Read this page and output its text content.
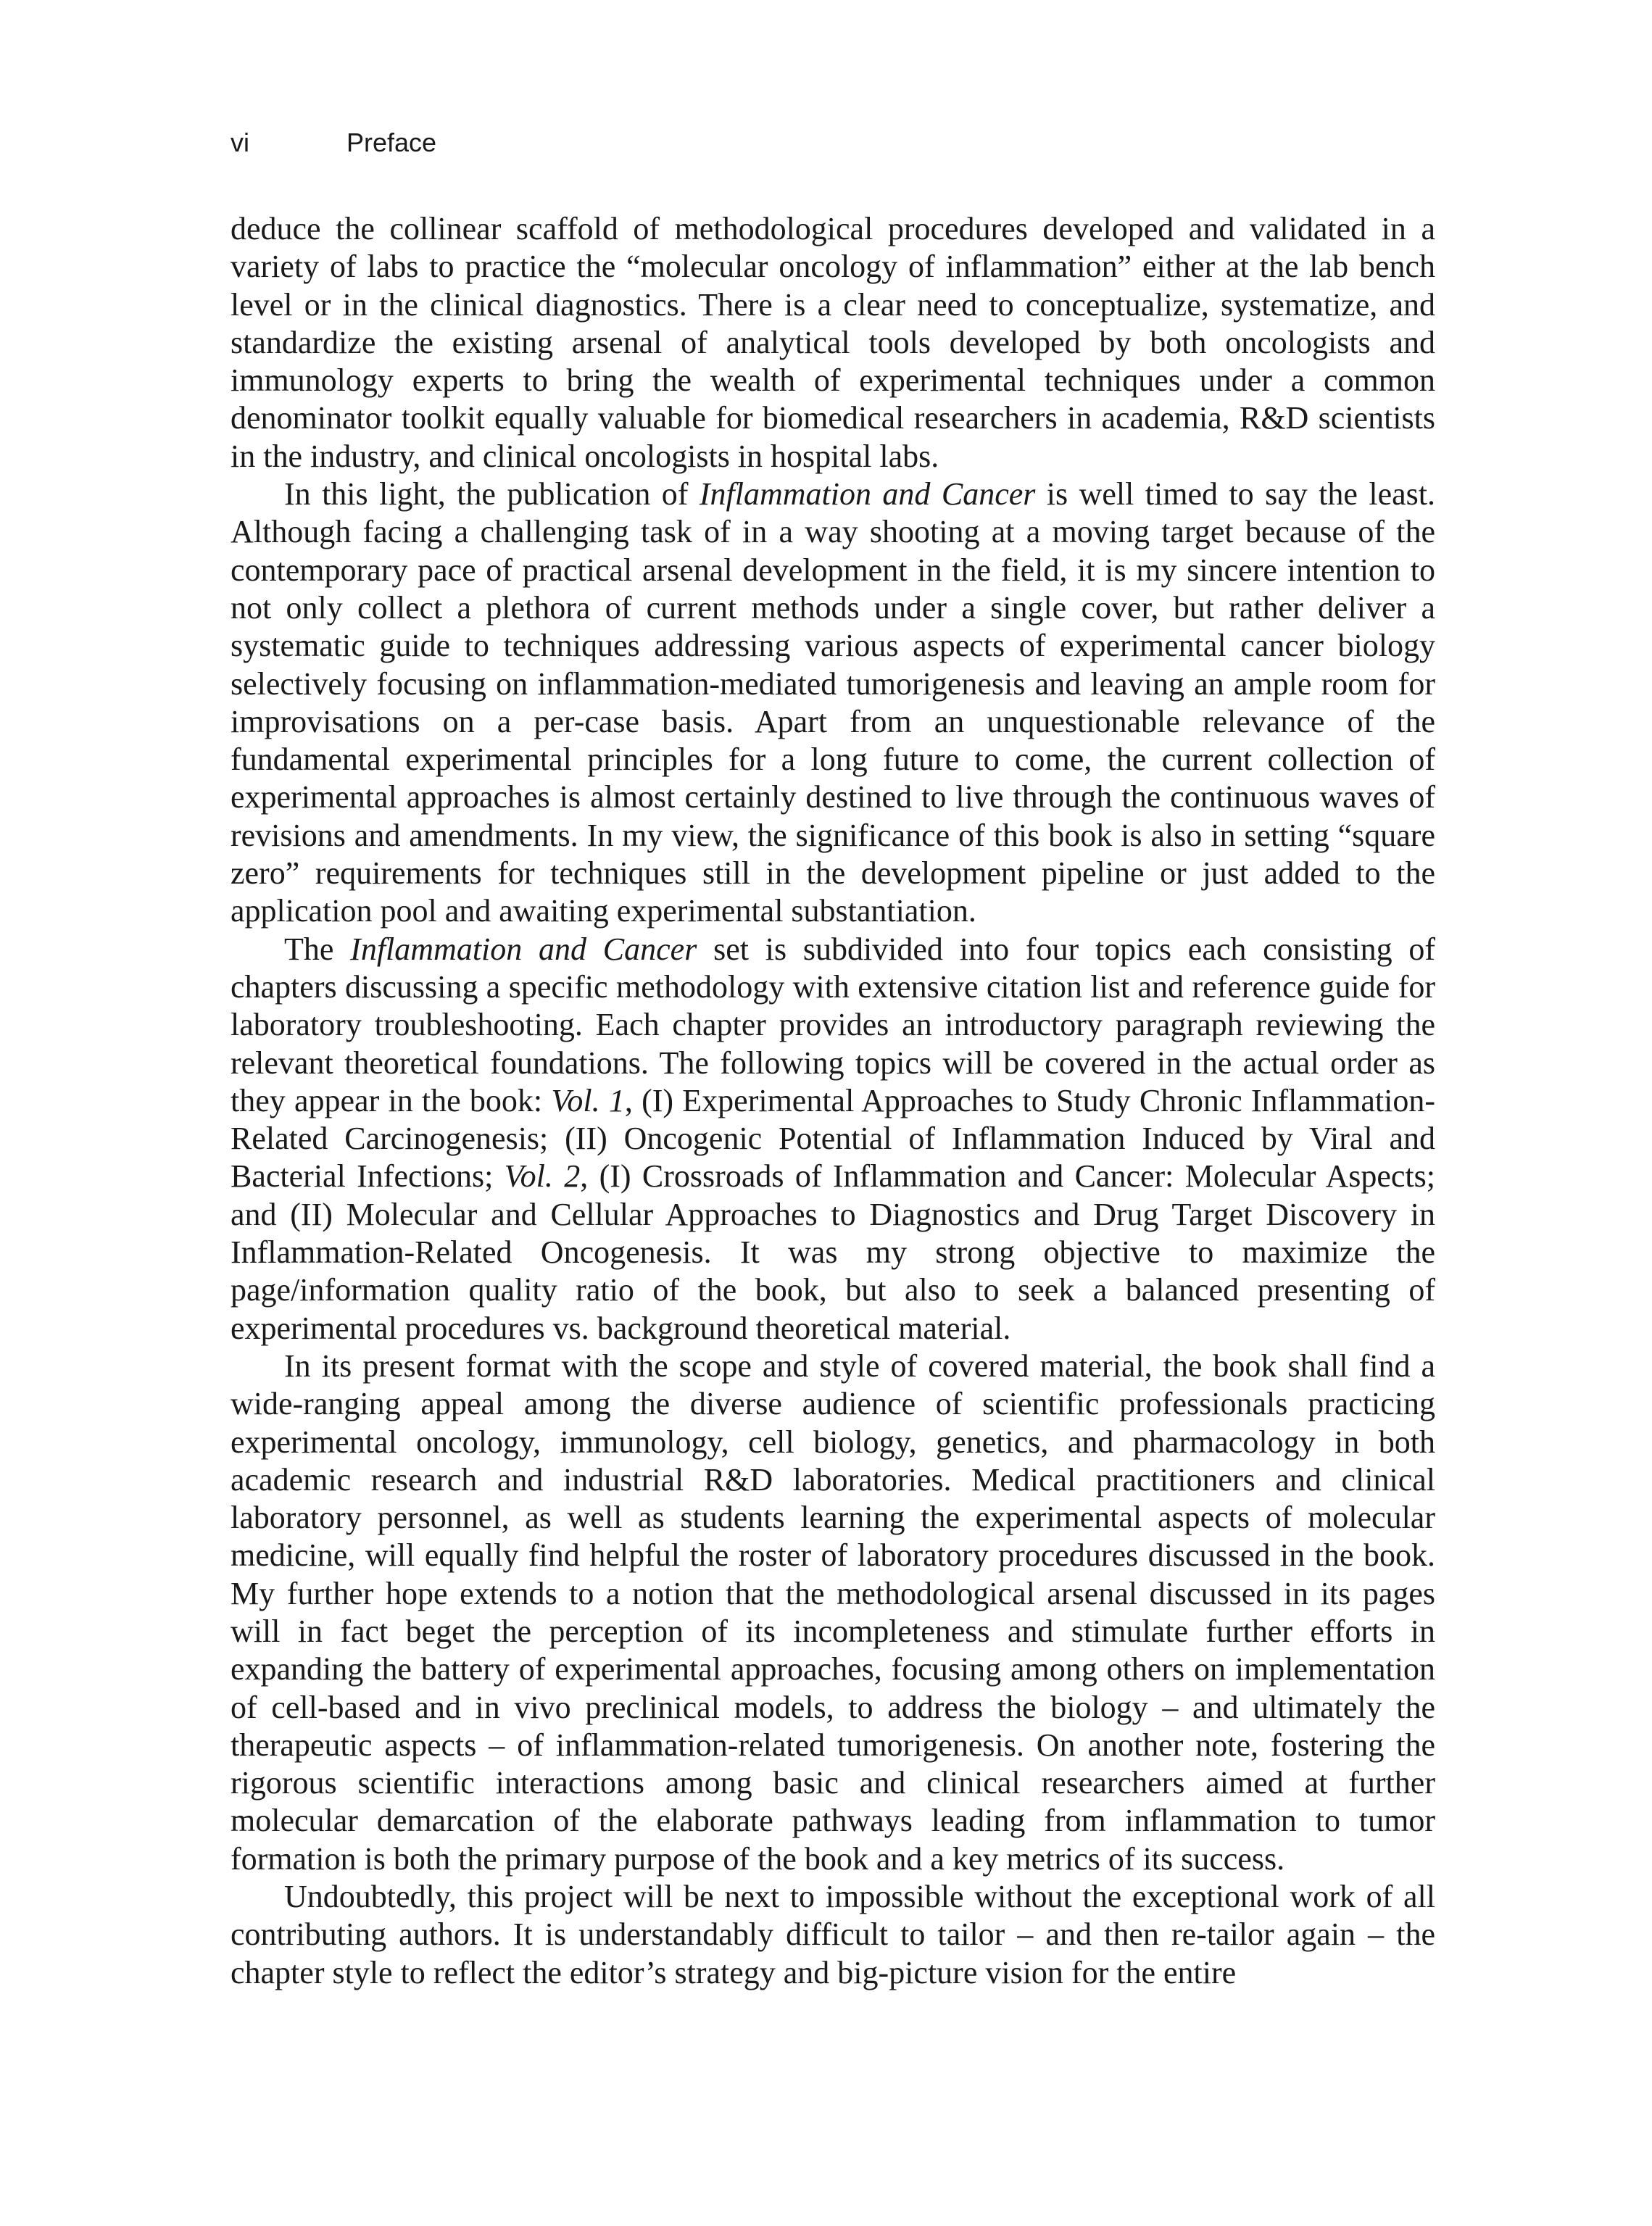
vi	Preface

deduce the collinear scaffold of methodological procedures developed and validated in a variety of labs to practice the “molecular oncology of inflammation” either at the lab bench level or in the clinical diagnostics. There is a clear need to conceptualize, systematize, and standardize the existing arsenal of analytical tools developed by both oncologists and immunology experts to bring the wealth of experimental techniques under a common denominator toolkit equally valuable for biomedical researchers in academia, R&D scientists in the industry, and clinical oncologists in hospital labs.

In this light, the publication of Inflammation and Cancer is well timed to say the least. Although facing a challenging task of in a way shooting at a moving target because of the contemporary pace of practical arsenal development in the field, it is my sincere intention to not only collect a plethora of current methods under a single cover, but rather deliver a systematic guide to techniques addressing various aspects of experimental cancer biology selectively focusing on inflammation-mediated tumorigenesis and leaving an ample room for improvisations on a per-case basis. Apart from an unquestionable relevance of the fundamental experimental principles for a long future to come, the current collection of experimental approaches is almost certainly destined to live through the continuous waves of revisions and amendments. In my view, the significance of this book is also in setting “square zero” requirements for techniques still in the development pipeline or just added to the application pool and awaiting experimental substantiation.

The Inflammation and Cancer set is subdivided into four topics each consisting of chapters discussing a specific methodology with extensive citation list and reference guide for laboratory troubleshooting. Each chapter provides an introductory paragraph reviewing the relevant theoretical foundations. The following topics will be covered in the actual order as they appear in the book: Vol. 1, (I) Experimental Approaches to Study Chronic Inflammation-Related Carcinogenesis; (II) Oncogenic Potential of Inflammation Induced by Viral and Bacterial Infections; Vol. 2, (I) Crossroads of Inflammation and Cancer: Molecular Aspects; and (II) Molecular and Cellular Approaches to Diagnostics and Drug Target Discovery in Inflammation-Related Oncogenesis. It was my strong objective to maximize the page/information quality ratio of the book, but also to seek a balanced presenting of experimental procedures vs. background theoretical material.

In its present format with the scope and style of covered material, the book shall find a wide-ranging appeal among the diverse audience of scientific professionals practicing experimental oncology, immunology, cell biology, genetics, and pharmacology in both academic research and industrial R&D laboratories. Medical practitioners and clinical laboratory personnel, as well as students learning the experimental aspects of molecular medicine, will equally find helpful the roster of laboratory procedures discussed in the book. My further hope extends to a notion that the methodological arsenal discussed in its pages will in fact beget the perception of its incompleteness and stimulate further efforts in expanding the battery of experimental approaches, focusing among others on implementation of cell-based and in vivo preclinical models, to address the biology – and ultimately the therapeutic aspects – of inflammation-related tumorigenesis. On another note, fostering the rigorous scientific interactions among basic and clinical researchers aimed at further molecular demarcation of the elaborate pathways leading from inflammation to tumor formation is both the primary purpose of the book and a key metrics of its success.

Undoubtedly, this project will be next to impossible without the exceptional work of all contributing authors. It is understandably difficult to tailor – and then re-tailor again – the chapter style to reflect the editor’s strategy and big-picture vision for the entire
